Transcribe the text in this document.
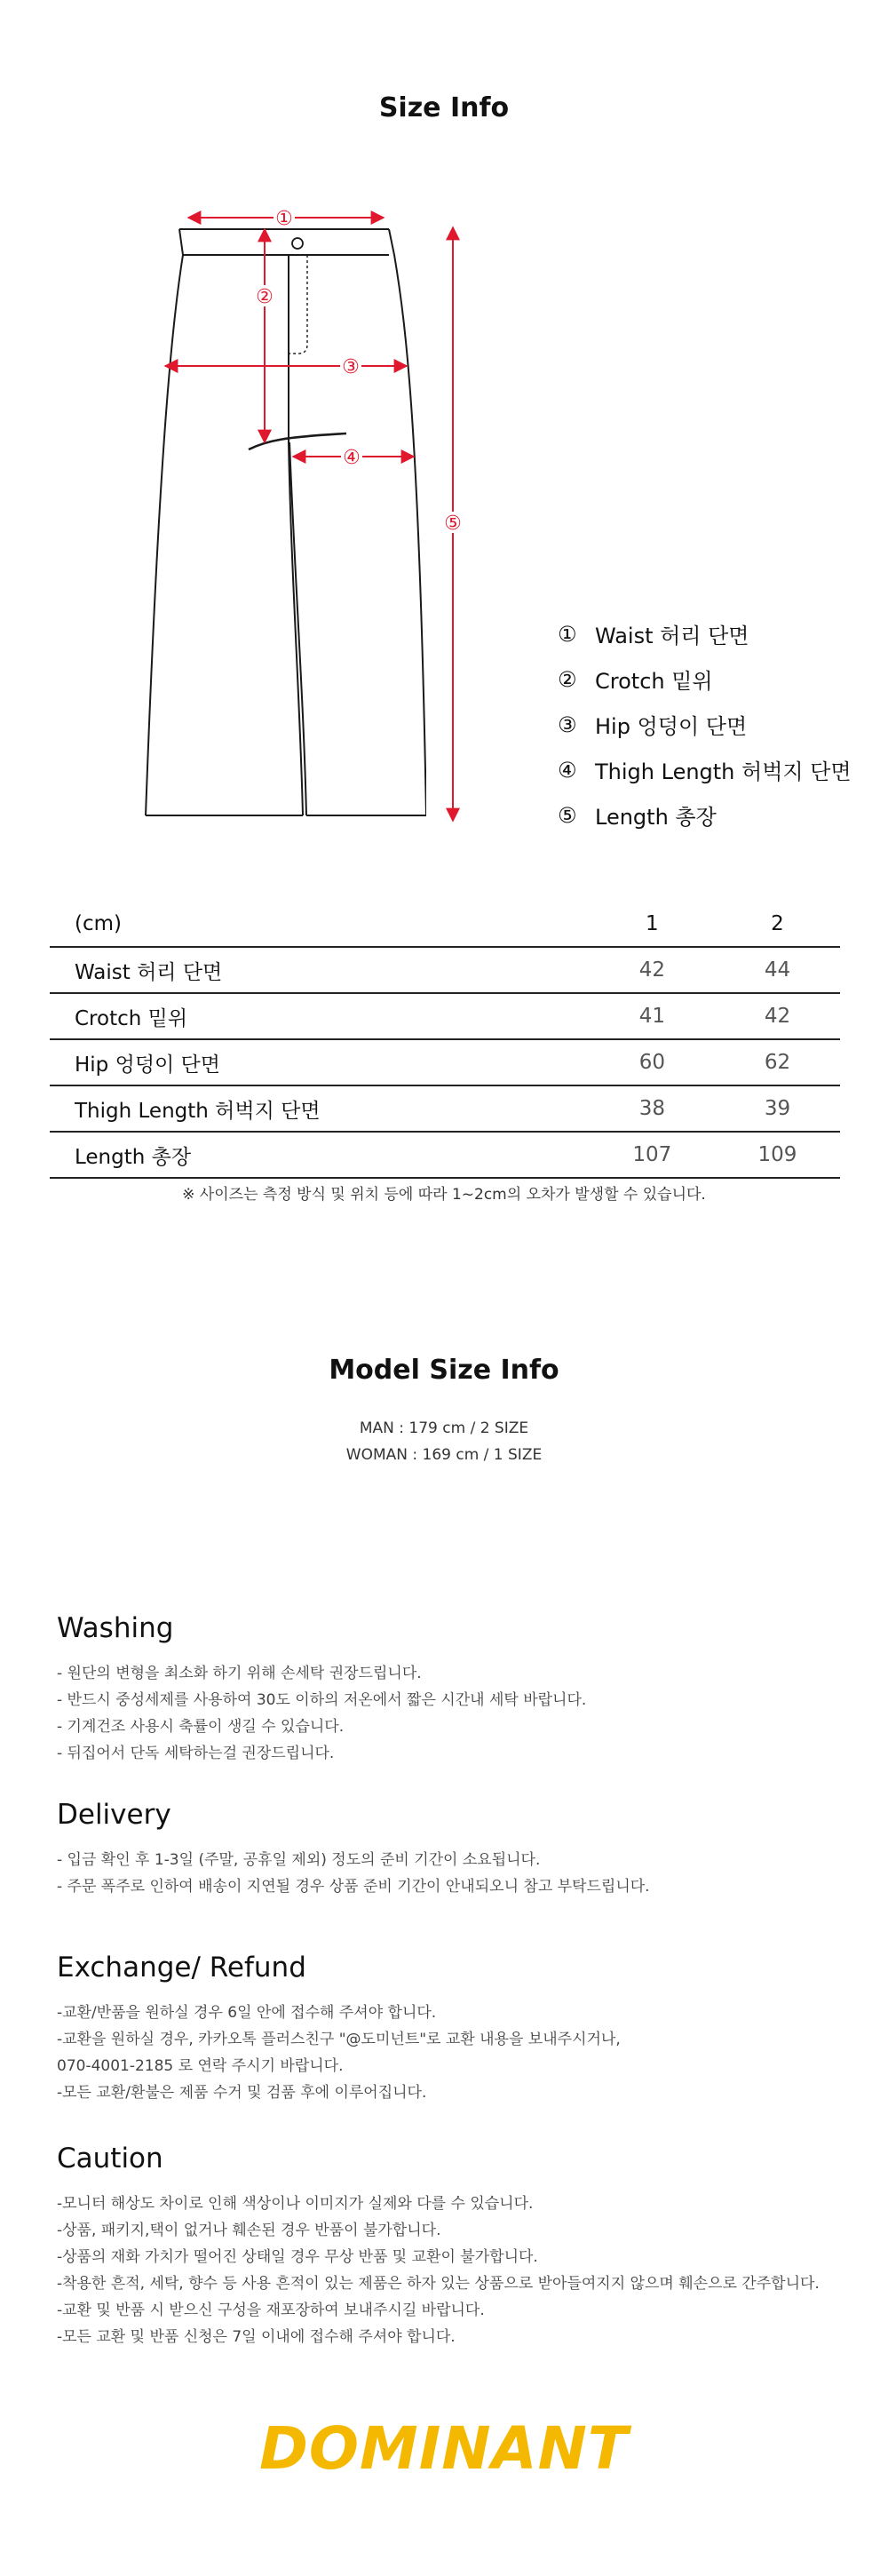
Size Info
①
②
③
④
⑤
① Waist 허리 단면
② Crotch 밑위
③ Hip 엉덩이 단면
④ Thigh Length 허벅지 단면
⑤ Length 총장
(cm)	1	2
Waist 허리 단면	42	44
Crotch 밑위	41	42
Hip 엉덩이 단면	60	62
Thigh Length 허벅지 단면	38	39
Length 총장	107	109
※ 사이즈는 측정 방식 및 위치 등에 따라 1~2cm의 오차가 발생할 수 있습니다.
Model Size Info
MAN : 179 cm / 2 SIZE
WOMAN : 169 cm / 1 SIZE
Washing
- 원단의 변형을 최소화 하기 위해 손세탁 권장드립니다.
- 반드시 중성세제를 사용하여 30도 이하의 저온에서 짧은 시간내 세탁 바랍니다.
- 기계건조 사용시 축률이 생길 수 있습니다.
- 뒤집어서 단독 세탁하는걸 권장드립니다.
Delivery
- 입금 확인 후 1-3일 (주말, 공휴일 제외) 정도의 준비 기간이 소요됩니다.
- 주문 폭주로 인하여 배송이 지연될 경우 상품 준비 기간이 안내되오니 참고 부탁드립니다.
Exchange/ Refund
-교환/반품을 원하실 경우 6일 안에 접수해 주셔야 합니다.
-교환을 원하실 경우, 카카오톡 플러스친구 "@도미넌트"로 교환 내용을 보내주시거나,
070-4001-2185 로 연락 주시기 바랍니다.
-모든 교환/환불은 제품 수거 및 검품 후에 이루어집니다.
Caution
-모니터 해상도 차이로 인해 색상이나 이미지가 실제와 다를 수 있습니다.
-상품, 패키지,택이 없거나 훼손된 경우 반품이 불가합니다.
-상품의 재화 가치가 떨어진 상태일 경우 무상 반품 및 교환이 불가합니다.
-착용한 흔적, 세탁, 향수 등 사용 흔적이 있는 제품은 하자 있는 상품으로 받아들여지지 않으며 훼손으로 간주합니다.
-교환 및 반품 시 받으신 구성을 재포장하여 보내주시길 바랍니다.
-모든 교환 및 반품 신청은 7일 이내에 접수해 주셔야 합니다.
DOMINANT
